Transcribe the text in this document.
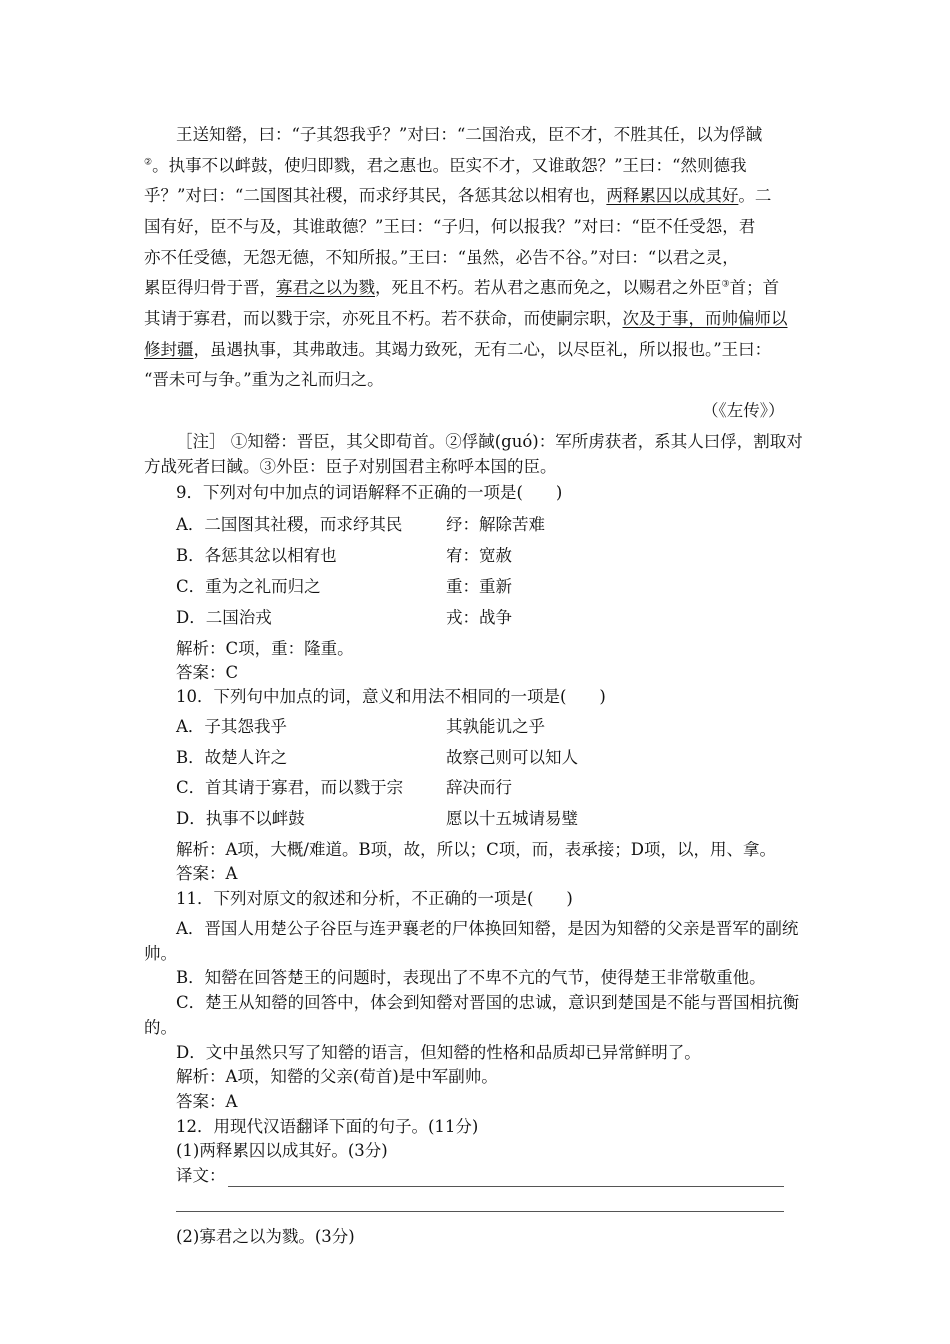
王送知罃，曰：“子其怨我乎？”对曰：“二国治戎，臣不才，不胜其任，以为俘馘
②。执事不以衅鼓，使归即戮，君之惠也。臣实不才，又谁敢怨？”王曰：“然则德我
乎？”对曰：“二国图其社稷，而求纾其民，各惩其忿以相宥也，两释累囚以成其好。二
国有好，臣不与及，其谁敢德？”王曰：“子归，何以报我？”对曰：“臣不任受怨，君
亦不任受德，无怨无德，不知所报。”王曰：“虽然，必告不谷。”对曰：“以君之灵，
累臣得归骨于晋，寡君之以为戮，死且不朽。若从君之惠而免之，以赐君之外臣③首；首
其请于寡君，而以戮于宗，亦死且不朽。若不获命，而使嗣宗职，次及于事，而帅偏师以
修封疆，虽遇执事，其弗敢违。其竭力致死，无有二心，以尽臣礼，所以报也。”王曰：
“晋未可与争。”重为之礼而归之。
（《左传》）
［注］ ①知罃：晋臣，其父即荀首。②俘馘(guó)：军所虏获者，系其人曰俘，割取对
方战死者曰馘。③外臣：臣子对别国君主称呼本国的臣。
9．下列对句中加点的词语解释不正确的一项是(　　)
A．二国图其社稷，而求纾其民	纾：解除苦难
B．各惩其忿以相宥也	宥：宽赦
C．重为之礼而归之	重：重新
D．二国治戎	戎：战争
解析：C项，重：隆重。
答案：C
10．下列句中加点的词，意义和用法不相同的一项是(　　)
A．子其怨我乎	其孰能讥之乎
B．故楚人许之	故察己则可以知人
C．首其请于寡君，而以戮于宗	辞决而行
D．执事不以衅鼓	愿以十五城请易璧
解析：A项，大概/难道。B项，故，所以；C项，而，表承接；D项，以，用、拿。
答案：A
11．下列对原文的叙述和分析，不正确的一项是(　　)
A．晋国人用楚公子谷臣与连尹襄老的尸体换回知罃，是因为知罃的父亲是晋军的副统
帅。
B．知罃在回答楚王的问题时，表现出了不卑不亢的气节，使得楚王非常敬重他。
C．楚王从知罃的回答中，体会到知罃对晋国的忠诚，意识到楚国是不能与晋国相抗衡
的。
D．文中虽然只写了知罃的语言，但知罃的性格和品质却已异常鲜明了。
解析：A项，知罃的父亲(荀首)是中军副帅。
答案：A
12．用现代汉语翻译下面的句子。(11分)
(1)两释累囚以成其好。(3分)
译文：
(2)寡君之以为戮。(3分)
